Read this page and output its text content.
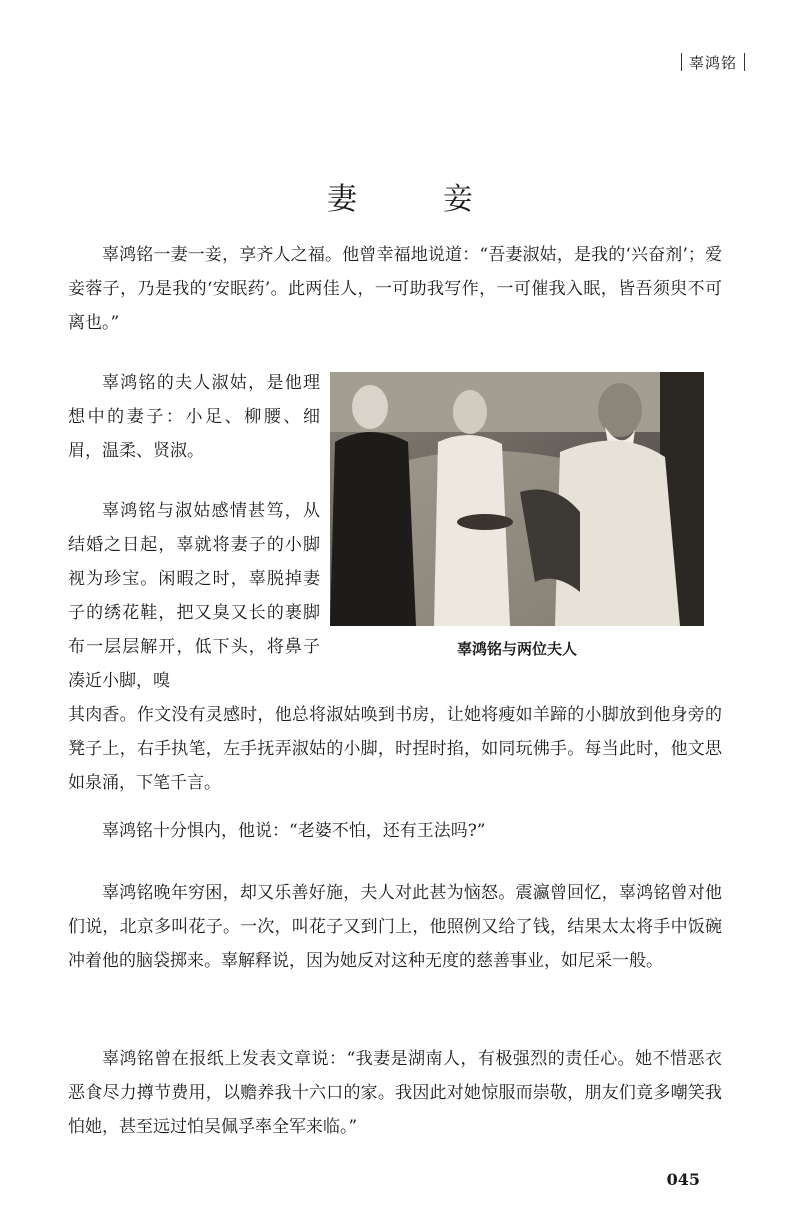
辜鸿铭
妻　妾

辜鸿铭一妻一妾，享齐人之福。他曾幸福地说道：“吾妻淑姑，是我的‘兴奋剂’；爱妾蓉子，乃是我的‘安眠药’。此两佳人，一可助我写作，一可催我入眠，皆吾须臾不可离也。”

辜鸿铭的夫人淑姑，是他理想中的妻子：小足、柳腰、细眉，温柔、贤淑。

辜鸿铭与淑姑感情甚笃，从结婚之日起，辜就将妻子的小脚视为珍宝。闲暇之时，辜脱掉妻子的绣花鞋，把又臭又长的裹脚布一层层解开，低下头，将鼻子凑近小脚，嗅

其肉香。作文没有灵感时，他总将淑姑唤到书房，让她将瘦如羊蹄的小脚放到他身旁的凳子上，右手执笔，左手抚弄淑姑的小脚，时捏时掐，如同玩佛手。每当此时，他文思如泉涌，下笔千言。

辜鸿铭与两位夫人

辜鸿铭十分惧内，他说：“老婆不怕，还有王法吗?”

辜鸿铭晚年穷困，却又乐善好施，夫人对此甚为恼怒。震瀛曾回忆，辜鸿铭曾对他们说，北京多叫花子。一次，叫花子又到门上，他照例又给了钱，结果太太将手中饭碗冲着他的脑袋掷来。辜解释说，因为她反对这种无度的慈善事业，如尼采一般。

辜鸿铭曾在报纸上发表文章说：“我妻是湖南人，有极强烈的责任心。她不惜恶衣恶食尽力撙节费用，以赡养我十六口的家。我因此对她惊服而崇敬，朋友们竟多嘲笑我怕她，甚至远过怕吴佩孚率全军来临。”

045
